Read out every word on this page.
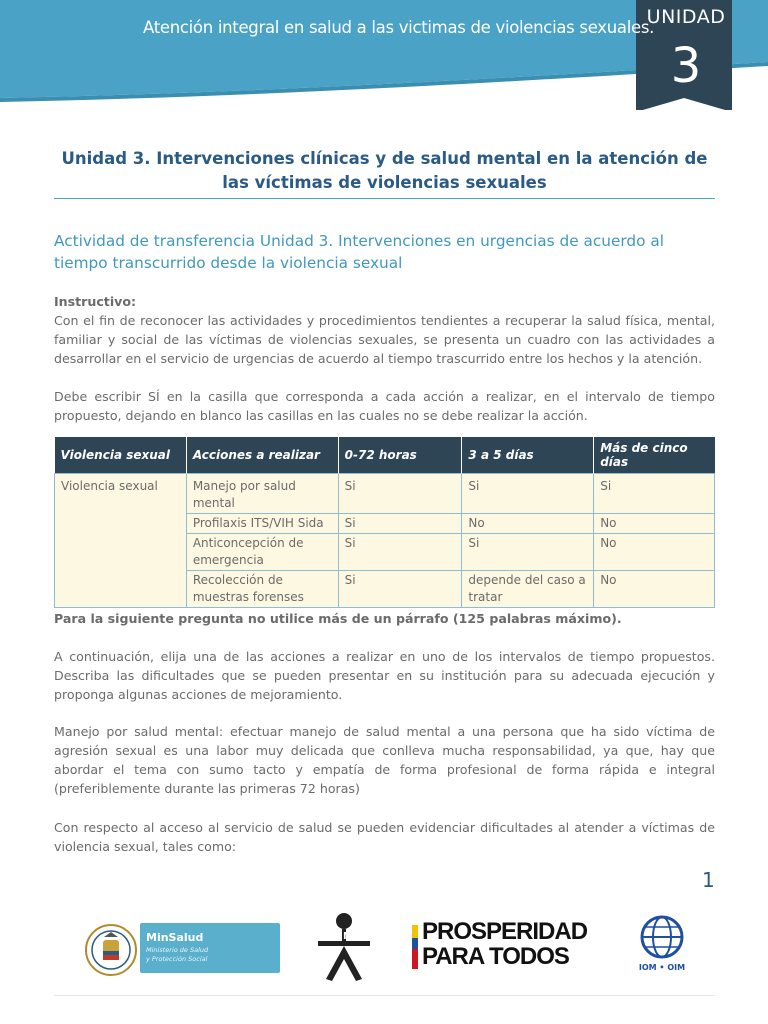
Atención integral en salud a las victimas de violencias sexuales.
UNIDAD
3
Unidad 3. Intervenciones clínicas y de salud mental en la atención de las víctimas de violencias sexuales
Actividad de transferencia Unidad 3. Intervenciones en urgencias de acuerdo al tiempo transcurrido desde la violencia sexual
Instructivo:
Con el fin de reconocer las actividades y procedimientos tendientes a recuperar la salud física, mental, familiar y social de las víctimas de violencias sexuales, se presenta un cuadro con las actividades a desarrollar en el servicio de urgencias de acuerdo al tiempo trascurrido entre los hechos y la atención.
Debe escribir SÍ en la casilla que corresponda a cada acción a realizar, en el intervalo de tiempo propuesto, dejando en blanco las casillas en las cuales no se debe realizar la acción.
Violencia sexual	Acciones a realizar	0-72 horas	3 a 5 días	Más de cinco días
Violencia sexual	Manejo por salud mental	Si	Si	Si
	Profilaxis ITS/VIH Sida	Si	No	No
	Anticoncepción de emergencia	Si	Si	No
	Recolección de muestras forenses	Si	depende del caso a tratar	No
Para la siguiente pregunta no utilice más de un párrafo (125 palabras máximo).
A continuación, elija una de las acciones a realizar en uno de los intervalos de tiempo propuestos. Describa las dificultades que se pueden presentar en su institución para su adecuada ejecución y proponga algunas acciones de mejoramiento.
Manejo por salud mental: efectuar manejo de salud mental a una persona que ha sido víctima de agresión sexual es una labor muy delicada que conlleva mucha responsabilidad, ya que, hay que abordar el tema con sumo tacto y empatía de forma profesional de forma rápida e integral (preferiblemente durante las primeras 72 horas)
Con respecto al acceso al servicio de salud se pueden evidenciar dificultades al atender a víctimas de violencia sexual, tales como:
1
MinSalud
Ministerio de Salud
y Protección Social
SENA	PROSPERIDAD
PARA TODOS	IOM • OIM
